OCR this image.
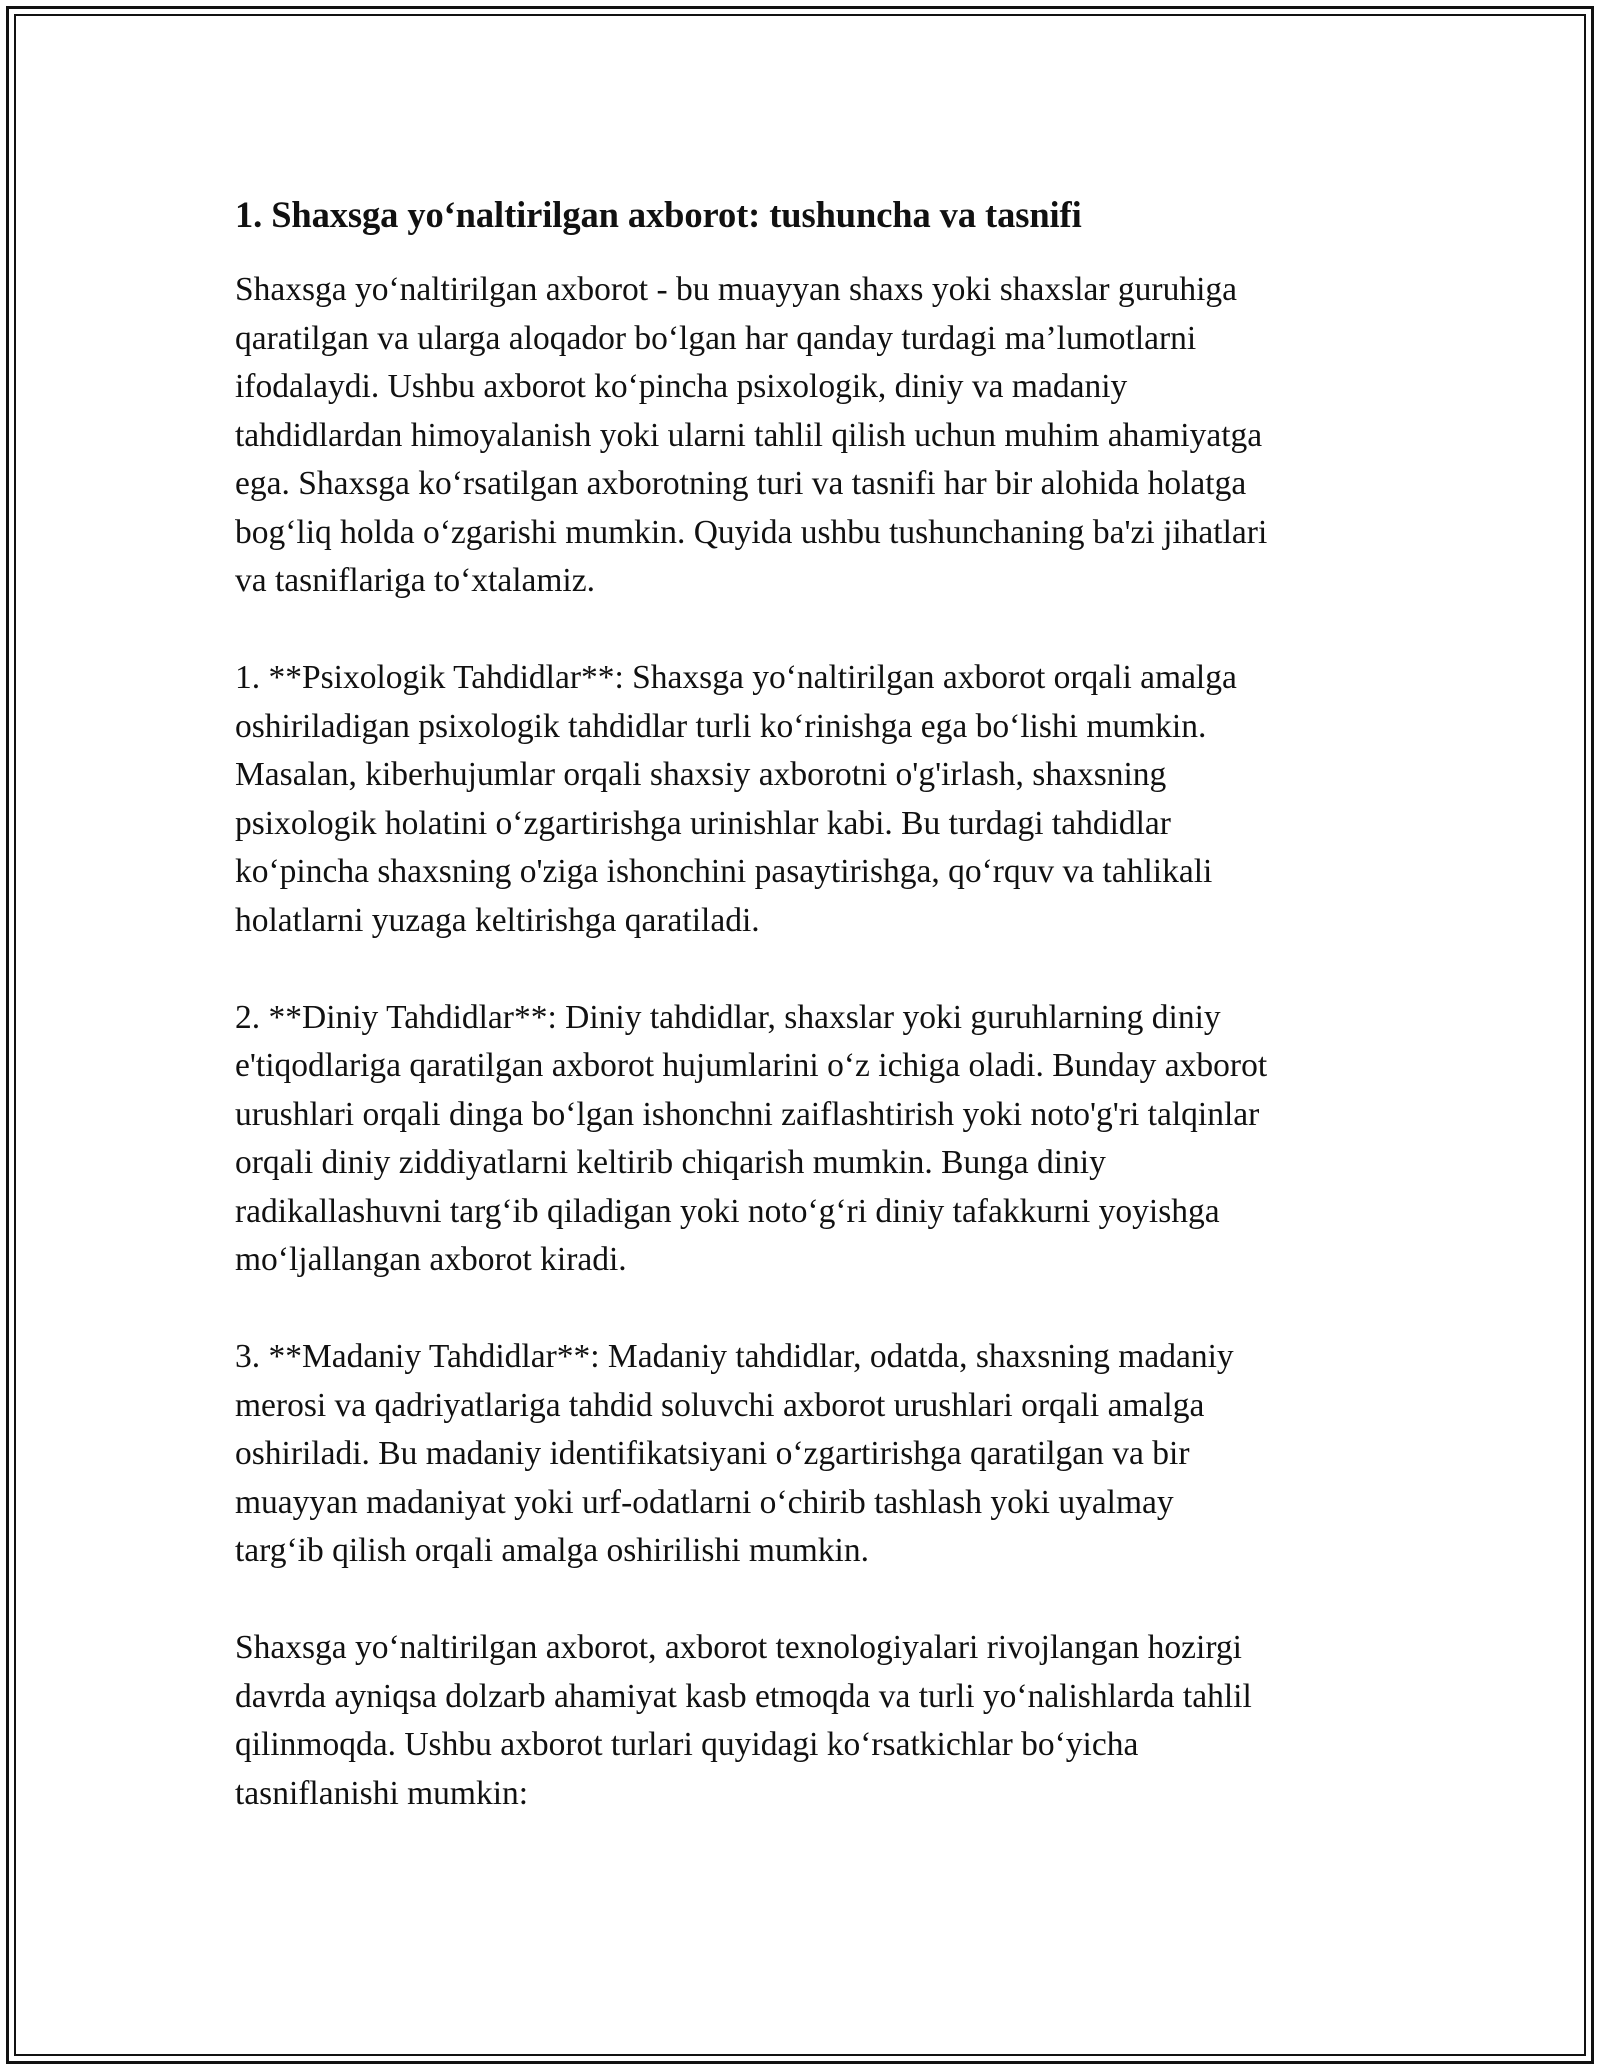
1. Shaxsga yo‘naltirilgan axborot: tushuncha va tasnifi

Shaxsga yo‘naltirilgan axborot - bu muayyan shaxs yoki shaxslar guruhiga
qaratilgan va ularga aloqador bo‘lgan har qanday turdagi ma’lumotlarni
ifodalaydi. Ushbu axborot ko‘pincha psixologik, diniy va madaniy
tahdidlardan himoyalanish yoki ularni tahlil qilish uchun muhim ahamiyatga
ega. Shaxsga ko‘rsatilgan axborotning turi va tasnifi har bir alohida holatga
bog‘liq holda o‘zgarishi mumkin. Quyida ushbu tushunchaning ba'zi jihatlari
va tasniflariga to‘xtalamiz.

1. **Psixologik Tahdidlar**: Shaxsga yo‘naltirilgan axborot orqali amalga
oshiriladigan psixologik tahdidlar turli ko‘rinishga ega bo‘lishi mumkin.
Masalan, kiberhujumlar orqali shaxsiy axborotni o'g'irlash, shaxsning
psixologik holatini o‘zgartirishga urinishlar kabi. Bu turdagi tahdidlar
ko‘pincha shaxsning o'ziga ishonchini pasaytirishga, qo‘rquv va tahlikali
holatlarni yuzaga keltirishga qaratiladi.

2. **Diniy Tahdidlar**: Diniy tahdidlar, shaxslar yoki guruhlarning diniy
e'tiqodlariga qaratilgan axborot hujumlarini o‘z ichiga oladi. Bunday axborot
urushlari orqali dinga bo‘lgan ishonchni zaiflashtirish yoki noto'g'ri talqinlar
orqali diniy ziddiyatlarni keltirib chiqarish mumkin. Bunga diniy
radikallashuvni targ‘ib qiladigan yoki noto‘g‘ri diniy tafakkurni yoyishga
mo‘ljallangan axborot kiradi.

3. **Madaniy Tahdidlar**: Madaniy tahdidlar, odatda, shaxsning madaniy
merosi va qadriyatlariga tahdid soluvchi axborot urushlari orqali amalga
oshiriladi. Bu madaniy identifikatsiyani o‘zgartirishga qaratilgan va bir
muayyan madaniyat yoki urf-odatlarni o‘chirib tashlash yoki uyalmay
targ‘ib qilish orqali amalga oshirilishi mumkin.

Shaxsga yo‘naltirilgan axborot, axborot texnologiyalari rivojlangan hozirgi
davrda ayniqsa dolzarb ahamiyat kasb etmoqda va turli yo‘nalishlarda tahlil
qilinmoqda. Ushbu axborot turlari quyidagi ko‘rsatkichlar bo‘yicha
tasniflanishi mumkin:
